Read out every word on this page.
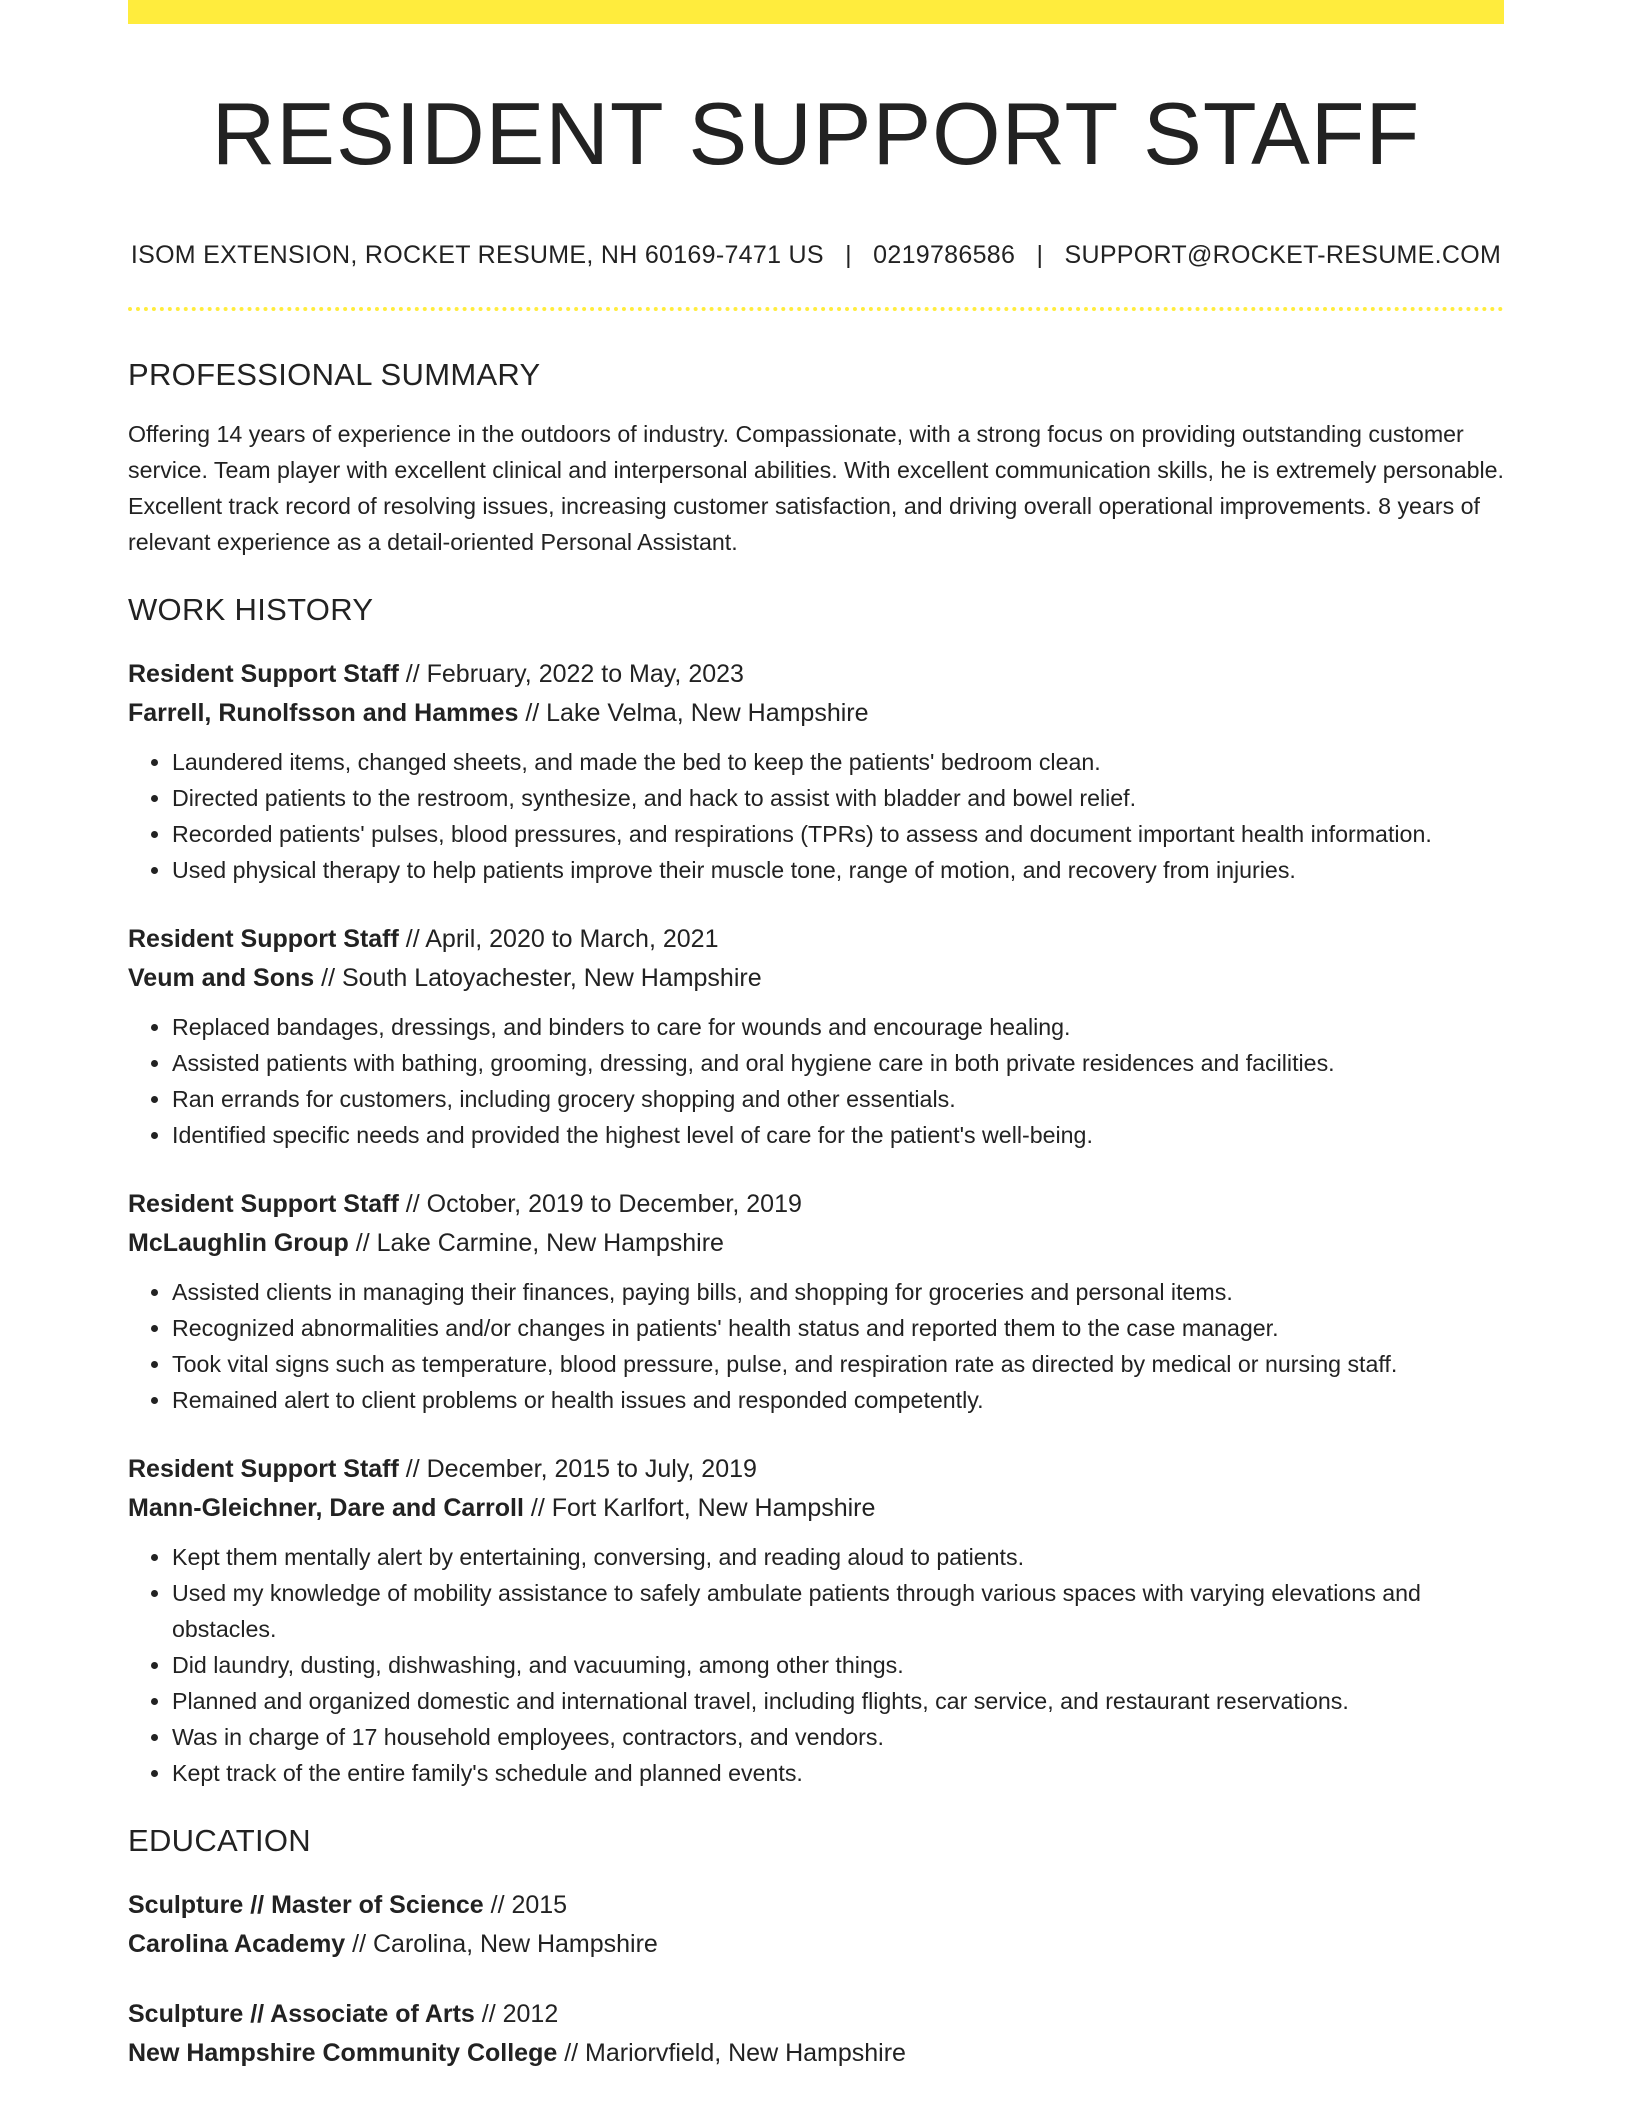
RESIDENT SUPPORT STAFF
ISOM EXTENSION, ROCKET RESUME, NH 60169-7471 US | 0219786586 | SUPPORT@ROCKET-RESUME.COM
PROFESSIONAL SUMMARY

Offering 14 years of experience in the outdoors of industry. Compassionate, with a strong focus on providing outstanding customer service. Team player with excellent clinical and interpersonal abilities. With excellent communication skills, he is extremely personable. Excellent track record of resolving issues, increasing customer satisfaction, and driving overall operational improvements. 8 years of relevant experience as a detail-oriented Personal Assistant.

WORK HISTORY
Resident Support Staff // February, 2022 to May, 2023
Farrell, Runolfsson and Hammes // Lake Velma, New Hampshire
• Laundered items, changed sheets, and made the bed to keep the patients' bedroom clean.
• Directed patients to the restroom, synthesize, and hack to assist with bladder and bowel relief.
• Recorded patients' pulses, blood pressures, and respirations (TPRs) to assess and document important health information.
• Used physical therapy to help patients improve their muscle tone, range of motion, and recovery from injuries.
Resident Support Staff // April, 2020 to March, 2021
Veum and Sons // South Latoyachester, New Hampshire
• Replaced bandages, dressings, and binders to care for wounds and encourage healing.
• Assisted patients with bathing, grooming, dressing, and oral hygiene care in both private residences and facilities.
• Ran errands for customers, including grocery shopping and other essentials.
• Identified specific needs and provided the highest level of care for the patient's well-being.
Resident Support Staff // October, 2019 to December, 2019
McLaughlin Group // Lake Carmine, New Hampshire
• Assisted clients in managing their finances, paying bills, and shopping for groceries and personal items.
• Recognized abnormalities and/or changes in patients' health status and reported them to the case manager.
• Took vital signs such as temperature, blood pressure, pulse, and respiration rate as directed by medical or nursing staff.
• Remained alert to client problems or health issues and responded competently.
Resident Support Staff // December, 2015 to July, 2019
Mann-Gleichner, Dare and Carroll // Fort Karlfort, New Hampshire
• Kept them mentally alert by entertaining, conversing, and reading aloud to patients.
• Used my knowledge of mobility assistance to safely ambulate patients through various spaces with varying elevations and obstacles.
• Did laundry, dusting, dishwashing, and vacuuming, among other things.
• Planned and organized domestic and international travel, including flights, car service, and restaurant reservations.
• Was in charge of 17 household employees, contractors, and vendors.
• Kept track of the entire family's schedule and planned events.
EDUCATION
Sculpture // Master of Science // 2015
Carolina Academy // Carolina, New Hampshire
Sculpture // Associate of Arts // 2012
New Hampshire Community College // Mariorvfield, New Hampshire
